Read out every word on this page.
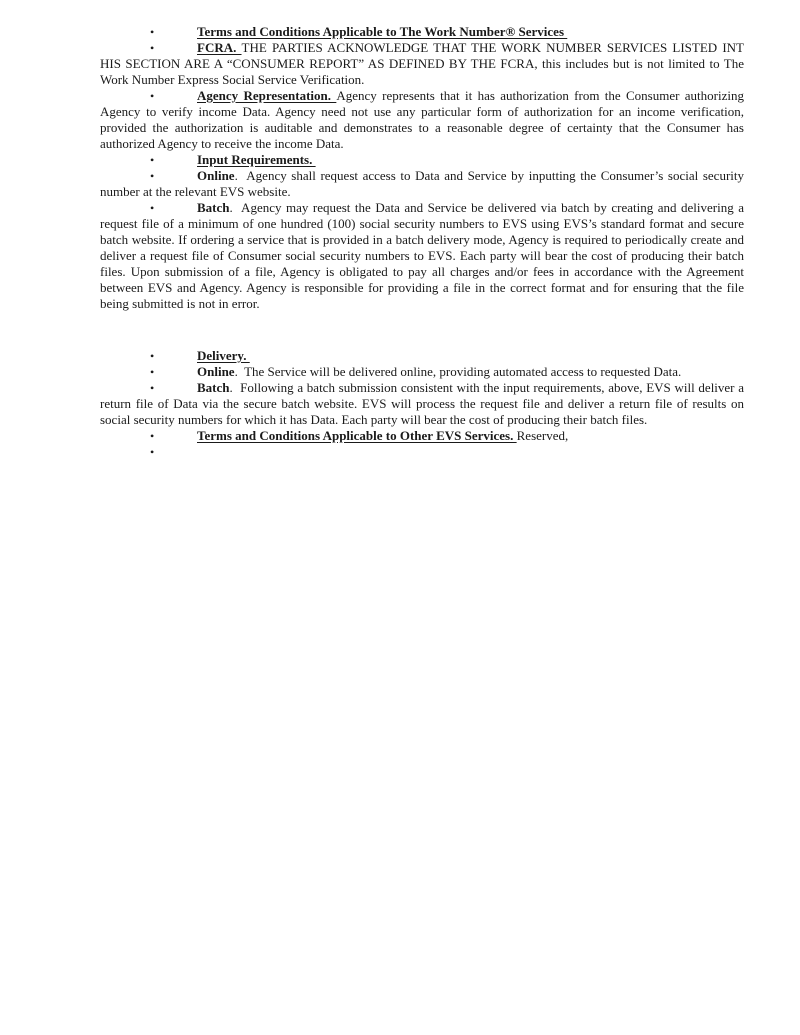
•	Terms and Conditions Applicable to The Work Number® Services
•	FCRA. THE PARTIES ACKNOWLEDGE THAT THE WORK NUMBER SERVICES LISTED INT HIS SECTION ARE A “CONSUMER REPORT” AS DEFINED BY THE FCRA, this includes but is not limited to The Work Number Express Social Service Verification.
•	Agency Representation. Agency represents that it has authorization from the Consumer authorizing Agency to verify income Data. Agency need not use any particular form of authorization for an income verification, provided the authorization is auditable and demonstrates to a reasonable degree of certainty that the Consumer has authorized Agency to receive the income Data.
•	Input Requirements.
•	Online.  Agency shall request access to Data and Service by inputting the Consumer’s social security number at the relevant EVS website.
•	Batch.  Agency may request the Data and Service be delivered via batch by creating and delivering a request file of a minimum of one hundred (100) social security numbers to EVS using EVS’s standard format and secure batch website. If ordering a service that is provided in a batch delivery mode, Agency is required to periodically create and deliver a request file of Consumer social security numbers to EVS. Each party will bear the cost of producing their batch files. Upon submission of a file, Agency is obligated to pay all charges and/or fees in accordance with the Agreement between EVS and Agency. Agency is responsible for providing a file in the correct format and for ensuring that the file being submitted is not in error.
•	Delivery.
•	Online.  The Service will be delivered online, providing automated access to requested Data.
•	Batch.  Following a batch submission consistent with the input requirements, above, EVS will deliver a return file of Data via the secure batch website. EVS will process the request file and deliver a return file of results on social security numbers for which it has Data. Each party will bear the cost of producing their batch files.
•	Terms and Conditions Applicable to Other EVS Services. Reserved,
•
